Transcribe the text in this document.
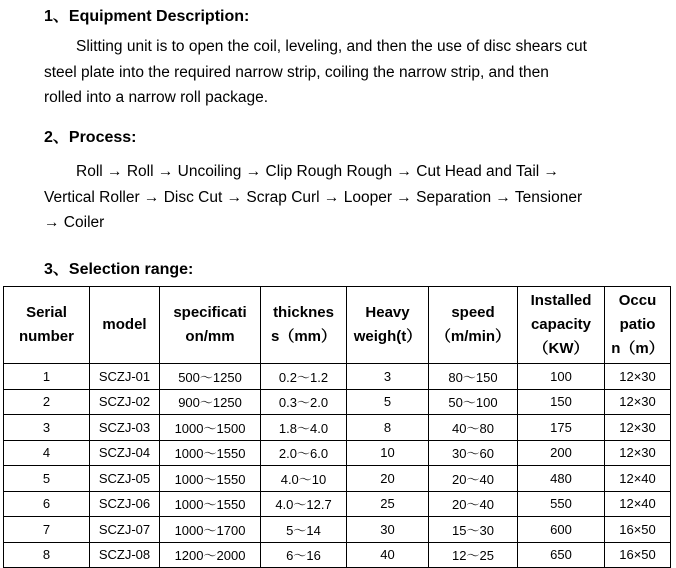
1、Equipment Description:

Slitting unit is to open the coil, leveling, and then the use of disc shears cut

steel plate into the required narrow strip, coiling the narrow strip, and then

rolled into a narrow roll package.

2、Process:

Roll → Roll → Uncoiling → Clip Rough Rough → Cut Head and Tail →

Vertical Roller → Disc Cut → Scrap Curl → Looper → Separation → Tensioner

→ Coiler

3、Selection range:
Serial
number	model	specificati
on/mm	thicknes
s（mm）	Heavy
weigh(t）	speed
（m/min）	Installed
capacity
（KW）	Occu
patio
n（m）
1	SCZJ-01	500～1250	0.2～1.2	3	80～150	100	12×30
2	SCZJ-02	900～1250	0.3～2.0	5	50～100	150	12×30
3	SCZJ-03	1000～1500	1.8～4.0	8	40～80	175	12×30
4	SCZJ-04	1000～1550	2.0～6.0	10	30～60	200	12×30
5	SCZJ-05	1000～1550	4.0～10	20	20～40	480	12×40
6	SCZJ-06	1000～1550	4.0～12.7	25	20～40	550	12×40
7	SCZJ-07	1000～1700	5～14	30	15～30	600	16×50
8	SCZJ-08	1200～2000	6～16	40	12～25	650	16×50
